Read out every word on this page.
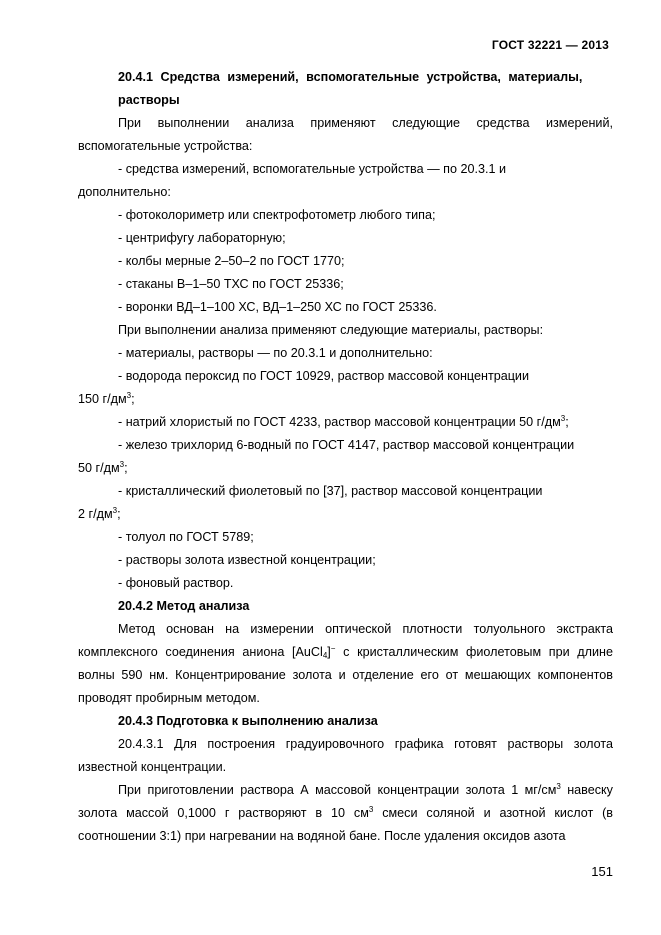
ГОСТ 32221 — 2013

20.4.1 Средства измерений, вспомогательные устройства, материалы,
растворы

При выполнении анализа применяют следующие средства измерений, вспомогательные устройства:

- средства измерений, вспомогательные устройства — по 20.3.1 и

дополнительно:

- фотоколориметр или спектрофотометр любого типа;

- центрифугу лабораторную;

- колбы мерные 2–50–2 по ГОСТ 1770;

- стаканы В–1–50 ТХС по ГОСТ 25336;

- воронки ВД–1–100 ХС, ВД–1–250 ХС по ГОСТ 25336.

При выполнении анализа применяют следующие материалы, растворы:

- материалы, растворы — по 20.3.1 и дополнительно:

- водорода пероксид по ГОСТ 10929, раствор массовой концентрации

150 $г/дм^3$;

- натрий хлористый по ГОСТ 4233, раствор массовой концентрации 50 $г/дм^3$;

- железо трихлорид 6-водный по ГОСТ 4147, раствор массовой концентрации

50 $г/дм^3$;

- кристаллический фиолетовый по [37], раствор массовой концентрации

2 $г/дм^3$;

- толуол по ГОСТ 5789;

- растворы золота известной концентрации;

- фоновый раствор.

20.4.2 Метод анализа

Метод основан на измерении оптической плотности толуольного экстракта комплексного соединения аниона [AuCl$_4$]− с кристаллическим фиолетовым при длине волны 590 нм. Концентрирование золота и отделение его от мешающих компонентов проводят пробирным методом.

20.4.3 Подготовка к выполнению анализа

20.4.3.1 Для построения градуировочного графика готовят растворы золота известной концентрации.

При приготовлении раствора А массовой концентрации золота 1 $мг/см^3$ навеску золота массой 0,1000 г растворяют в 10 $см^3$ смеси соляной и азотной кислот (в соотношении 3:1) при нагревании на водяной бане. После удаления оксидов азота

151
